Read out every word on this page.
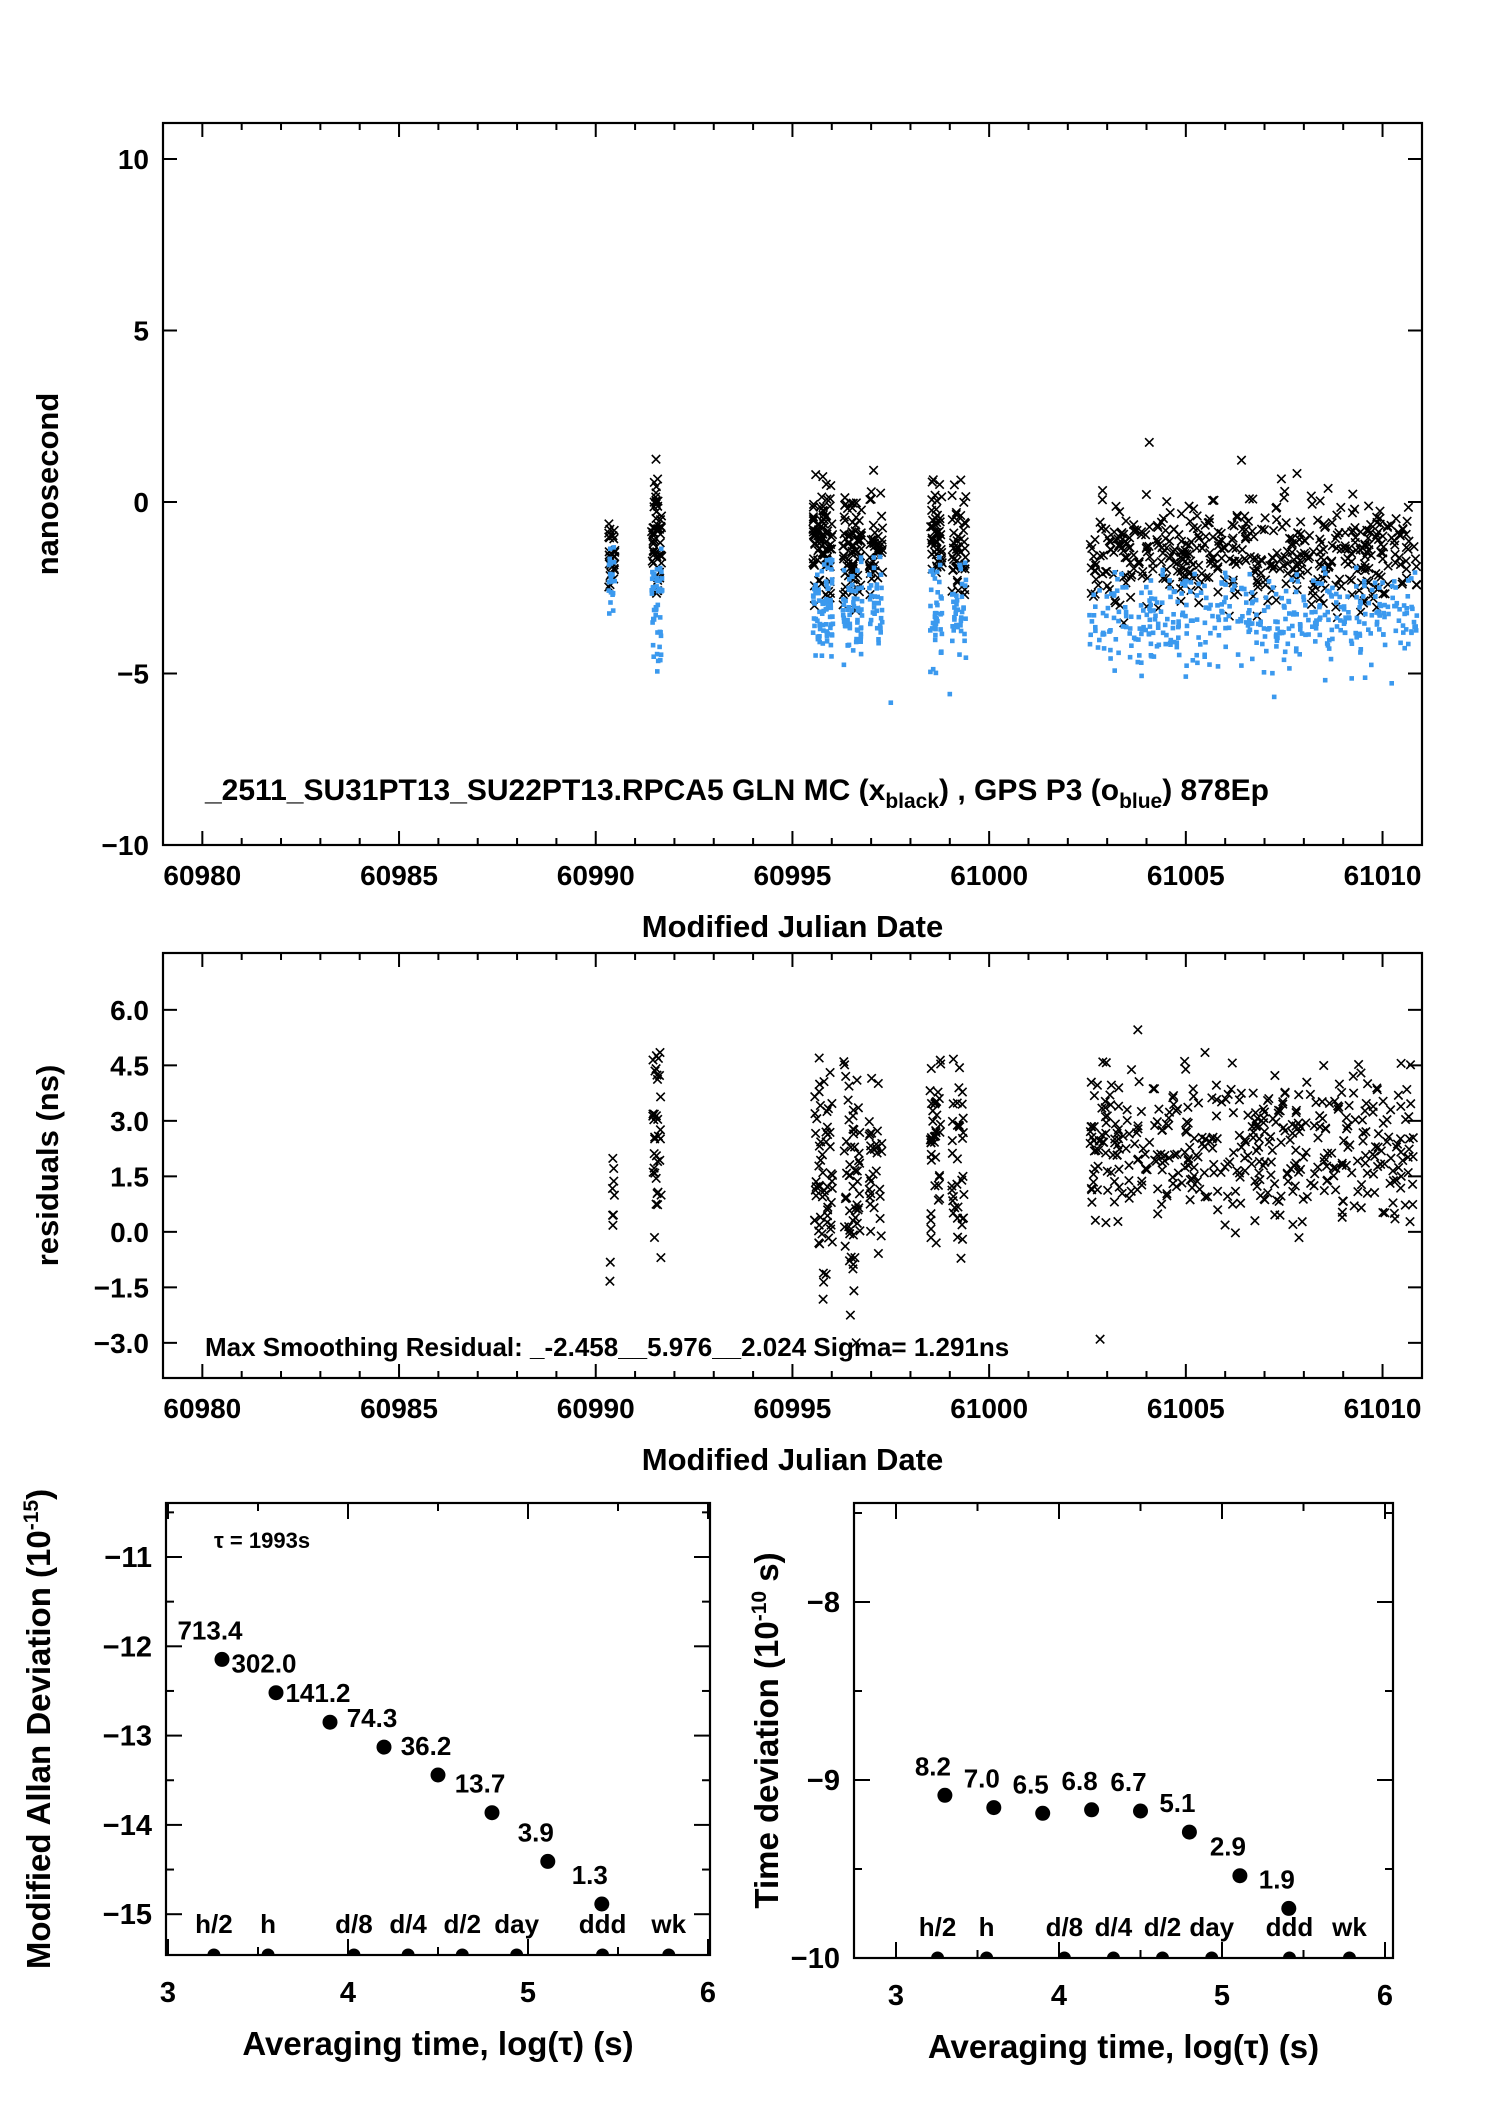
10
5
0
−5
−10
60980	60985	60990	60995	61000	61005	61010
Modified Julian Date
nanosecond
_2511_SU31PT13_SU22PT13.RPCA5 GLN MC $(x_{black})$ , GPS P3 $(o_{blue})$ 878Ep
6.0
4.5
3.0
1.5
0.0
−1.5
−3.0
60980	60985	60990	60995	61000	61005	61010
Modified Julian Date
residuals (ns)
Max Smoothing Residual: _-2.458__5.976__2.024 Sigma= 1.291ns
−11
−12
−13
−14
−15
3	4	5	6
Averaging time, log(τ) (s)
Modified Allan Deviation $(10^{-15})$
713.4
302.0
141.2
74.3
36.2
13.7
3.9
1.3
h/2 h d/8 d/4 d/2 day ddd wk
τ = 1993s
−8
−9
−10
3	4	5	6
Averaging time, log(τ) (s)
Time deviation ($10^{-10}$ s)
8.2 7.0 6.5 6.8 6.7
5.1
2.9
1.9
h/2 h d/8 d/4 d/2 day ddd wk
